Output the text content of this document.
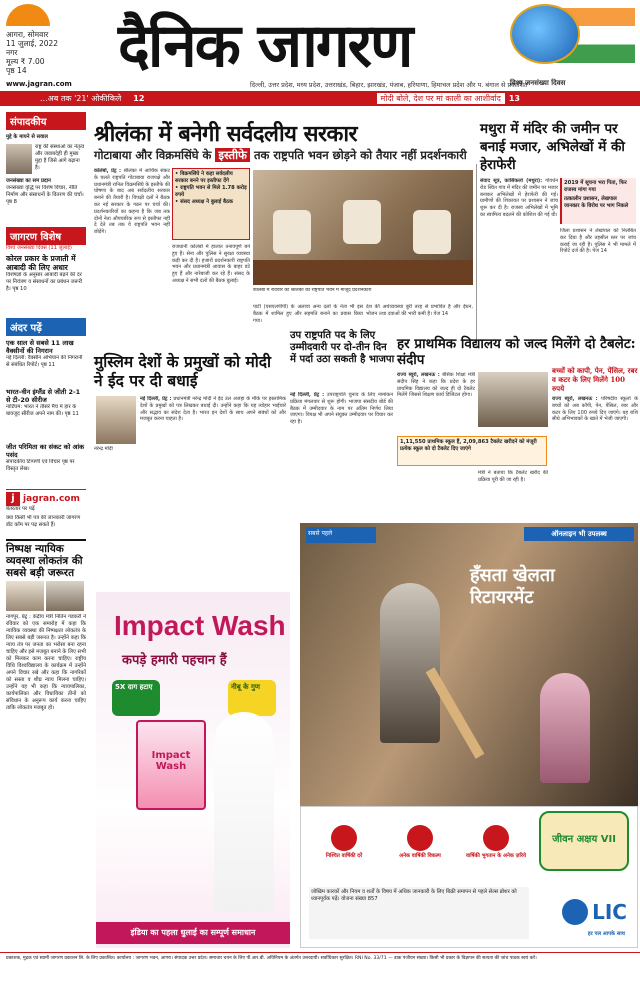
आगरा, सोमवार
11 जुलाई, 2022
नगर
मूल्य ₹ 7.00
पृष्ठ 14	दैनिक जागरण
www.jagran.com	दिल्ली, उत्तर प्रदेश, मध्य प्रदेश, उत्तराखंड, बिहार, झारखंड, पंजाब, हरियाणा, हिमाचल प्रदेश और प. बंगाल से प्रकाशित
विश्व जनसंख्या दिवस
...अब तक '21' ओकीकिले 12	मोदी बोले, देश पर मां काली का आशीर्वाद	13
संपादकीय
मुद्दे के मायने से सवाल
राष्ट्र की संस्थाओं का नेतृत्व और जवाबदेही ही मुख्य मुद्दा है जिसे आगे बढ़ाना है।
जनसंख्या का सम प्रदान
जनसंख्या वृद्धि पर विशेष विचार, नीति निर्माण और संसाधनों के वितरण की चर्चा। पृष्ठ 8
जागरण विशेष
विश्व जनसंख्या दिवस (11 जुलाई)
कोरल प्रकार के प्रजाती में आबादी की लिए अधार
विशेषज्ञों के अनुसार आबादी बढ़ने की दर पर नियंत्रण व संसाधनों का प्रबंधन जरूरी है। पृष्ठ 10
अंदर पढ़ें
एक साल से सबसे 11 लाख वैक्सीनों की निगरान
नई दिल्ली: वैक्सीन अभियान की निगरानी से संबंधित रिपोर्ट। पृष्ठ 11
भारत-वीन इंग्लैंड से जीती 2-1 से टी-20 सीरीज
नाटिंघम: भारत ने तीसरे मैच में हार के बावजूद सीरीज अपने नाम की। पृष्ठ 11
जीत परिमिता का संकट को आंक पसंद
संपादकीय टिप्पणी एवं विचार पृष्ठ पर विस्तृत लेख।
j jagran.com
बेतरतार पर पढ़ें
क्या किसी भी पत्र की जानकारी जागरण डॉट कॉम पर पढ़ सकते हैं।
निष्पक्ष न्यायिक व्यवस्था लोकतंत्र की सबसे बड़ी जरूरत
नागपुर, प्रेट्र : केंद्रीय मंत्री नितिन गडकरी ने रविवार को एक समारोह में कहा कि न्यायिक व्यवस्था की निष्पक्षता लोकतंत्र के लिए सबसे बड़ी जरूरत है। उन्होंने कहा कि न्याय तंत्र पर जनता का भरोसा बना रहना चाहिए और इसे मजबूत बनाने के लिए सभी को मिलकर काम करना चाहिए। राष्ट्रीय विधि विश्वविद्यालय के कार्यक्रम में उन्होंने अपने विचार रखे और कहा कि नागरिकों को सस्ता व शीघ्र न्याय मिलना चाहिए। उन्होंने यह भी कहा कि न्यायपालिका, कार्यपालिका और विधायिका तीनों को संविधान के अनुरूप कार्य करना चाहिए ताकि लोकतंत्र मजबूत हो।
श्रीलंका में बनेगी सर्वदलीय सरकार
गोटाबाया और विक्रमसिंघे के इस्तीफे तक राष्ट्रपति भवन छोड़ने को तैयार नहीं प्रदर्शनकारी
कोलंबो, प्रेट्र : श्रीलंका में आर्थिक संकट के चलते राष्ट्रपति गोटाबाया राजपक्षे और प्रधानमंत्री रानिल विक्रमसिंघे के इस्तीफे की घोषणा के बाद अब सर्वदलीय सरकार बनाने की तैयारी है। विपक्षी दलों ने बैठक कर नई सरकार के गठन पर चर्चा की। प्रदर्शनकारियों का कहना है कि जब तक दोनों नेता औपचारिक रूप से इस्तीफा नहीं दे देते तब तक वे राष्ट्रपति भवन नहीं छोड़ेंगे।
• विक्रमसिंघे ने कहा सर्वदलीय सरकार बनने पर इस्तीफा देंगे
• राष्ट्रपति भवन से मिले 1.78 करोड़ रुपये
• संसद अध्यक्ष ने बुलाई बैठक
राजधानी कोलंबो में हालात तनावपूर्ण बने हुए हैं। सेना और पुलिस ने सुरक्षा व्यवस्था कड़ी कर दी है। हजारों प्रदर्शनकारी राष्ट्रपति भवन और प्रधानमंत्री आवास के बाहर डटे हुए हैं और नारेबाजी कर रहे हैं। संसद के अध्यक्ष ने सभी दलों की बैठक बुलाई।
कोलंबो में रविवार को श्रीलंका की राष्ट्रपति भवन में मौजूद प्रदर्शनकारी
पार्टी (एसएलपीपी) के अलावा अन्य दलों के नेता भी इस बैठक में शामिल हुए और सहमति बनाने का प्रयास किया गया।
देश की अर्थव्यवस्था बुरी तरह से प्रभावित है और ईंधन, भोजन तथा दवाओं की भारी कमी है। पेज 14
मथुरा में मंदिर की जमीन पर बनाई मजार, अभिलेखों में की हेराफेरी
संवाद सूत्र, कासिकलां (मथुरा): गोवर्धन रोड स्थित गांव में मंदिर की जमीन पर मजार बनाकर अभिलेखों में हेराफेरी की गई। ग्रामीणों की शिकायत पर प्रशासन ने जांच शुरू कर दी है। राजस्व अभिलेखों में भूमि का स्वामित्व बदलने की कोशिश की गई थी।
2019 में सूचना भरा पिता, फिर राजस्व मांगा गया
तत्कालीन प्रशासन, लेखपाल जानकार के विरोध पर भाग निकले
जिला प्रशासन ने लेखपाल को निलंबित कर दिया है और तहसील स्तर पर जांच कराई जा रही है। पुलिस ने भी मामले में रिपोर्ट दर्ज की है। पेज 14
मुस्लिम देशों के प्रमुखों को मोदी ने ईद पर दी बधाई
नरेन्द्र मोदी
नई दिल्ली, प्रेट्र : प्रधानमंत्री नरेन्द्र मोदी ने ईद उल अजहा के मौके पर इस्लामिक देशों के प्रमुखों को पत्र लिखकर बधाई दी। उन्होंने कहा कि यह त्योहार भाईचारे और सद्भाव का संदेश देता है। भारत इन देशों के साथ अपने संबंधों को और मजबूत करना चाहता है।
उप राष्ट्रपति पद के लिए उम्मीदवारी पर दो-तीन दिन में पर्दा उठा सकती है भाजपा
नई दिल्ली, प्रेट्र : उपराष्ट्रपति चुनाव के लिए नामांकन प्रक्रिया मंगलवार से शुरू होगी। भाजपा संसदीय बोर्ड की बैठक में उम्मीदवार के नाम पर अंतिम निर्णय लिया जाएगा। विपक्ष भी अपने संयुक्त उम्मीदवार पर विचार कर रहा है।
हर प्राथमिक विद्यालय को जल्द मिलेंगे दो टैबलेट: संदीप
राज्य ब्यूरो, लखनऊ : बेसिक शिक्षा मंत्री संदीप सिंह ने कहा कि प्रदेश के हर प्राथमिक विद्यालय को जल्द ही दो टैबलेट मिलेंगे जिससे शिक्षण कार्य डिजिटल होगा।
1,11,550 प्राथमिक स्कूल हैं, 2,09,863 टैबलेट खरीदने को मंजूरी
प्रत्येक स्कूल को दो टैबलेट दिए जाएंगे
मंत्री ने बताया कि टैबलेट खरीद की प्रक्रिया पूरी की जा रही है।
बच्चों को कापी, पेन, पेंसिल, रबर व कटर के लिए मिलेंगे 100 रुपये
राज्य ब्यूरो, लखनऊ : परिषदीय स्कूलों के बच्चों को अब कॉपी, पेन, पेंसिल, रबर और कटर के लिए 100 रुपये दिए जाएंगे। यह राशि सीधे अभिभावकों के खाते में भेजी जाएगी।
Impact Wash
कपड़े हमारी पहचान हैं
5X दाग हटाए	नीबू के गुण
Impact
Wash
इंडिया का पहला धुलाई का सम्पूर्ण समाधान
सबसे पहले	ऑनलाइन भी उपलब्ध
हँसता खेलता रिटायरमेंट
जीवन अक्षय VII
निश्चित वार्षिकी दरें	अनेक वार्षिकी विकल्प	वार्षिकी भुगतान के अनेक ज़रिये
जोखिम कारकों और नियम व शर्तों के विषय में अधिक जानकारी के लिए बिक्री समापन से पहले सेल्स ब्रोशर को ध्यानपूर्वक पढ़ें। योजना संख्या 857
LIC
हर पल आपके साथ
प्रकाशक, मुद्रक एवं स्वामी जागरण प्रकाशन लि. के लिए प्रकाशित। कार्यालय : जागरण भवन, आगरा। संपादक उत्तर प्रदेश। समाचार चयन के लिए पी.आर.बी. अधिनियम के अंतर्गत उत्तरदायी। सर्वाधिकार सुरक्षित। RNI No. 33/71 — डाक पंजीयन संख्या। किसी भी प्रकार के विज्ञापन की सत्यता की जांच पाठक स्वयं करें।
